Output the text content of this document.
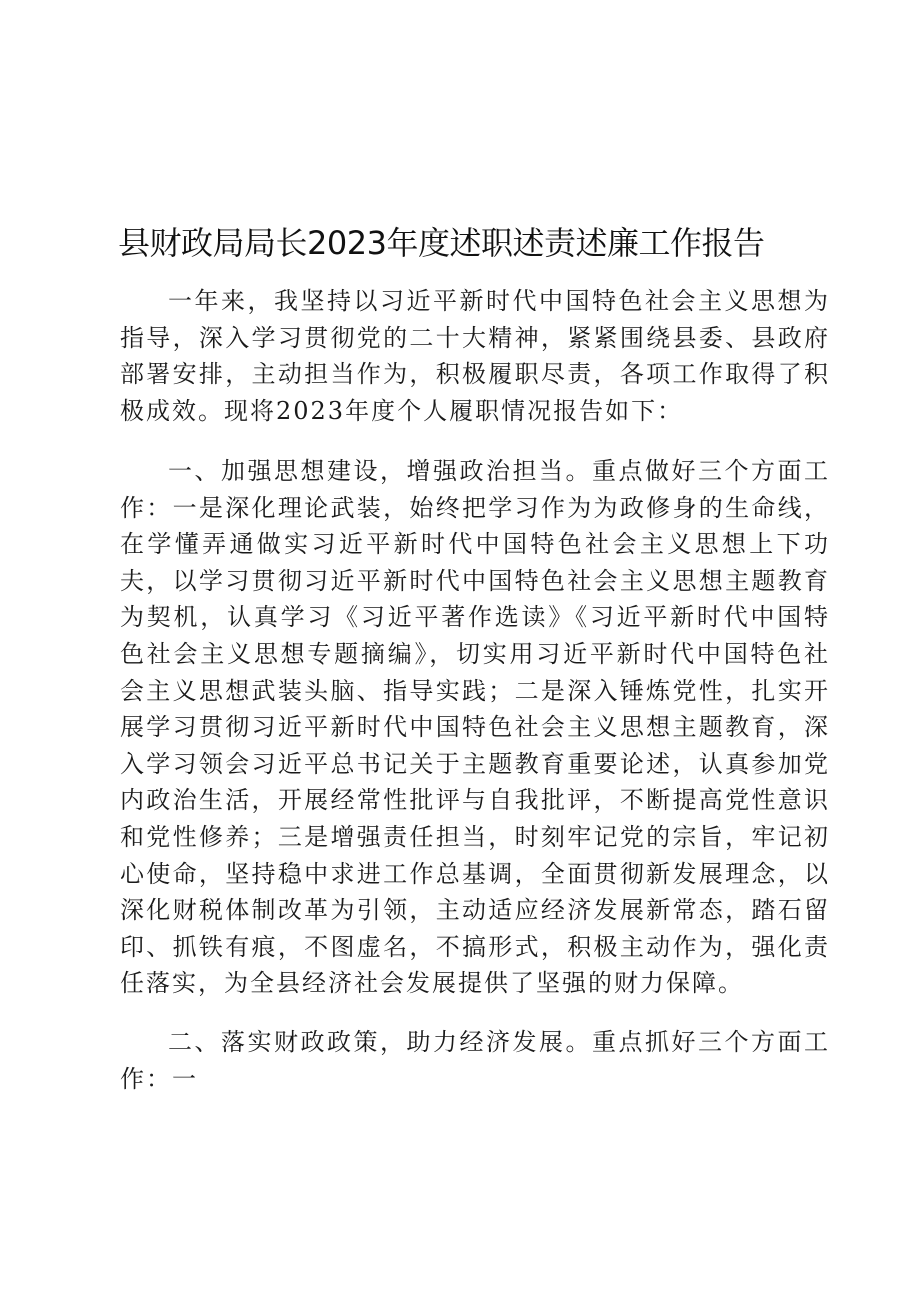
县财政局局长2023年度述职述责述廉工作报告

一年来，我坚持以习近平新时代中国特色社会主义思想为指导，深入学习贯彻党的二十大精神，紧紧围绕县委、县政府部署安排，主动担当作为，积极履职尽责，各项工作取得了积极成效。现将2023年度个人履职情况报告如下：

一、加强思想建设，增强政治担当。重点做好三个方面工作：一是深化理论武装，始终把学习作为为政修身的生命线，在学懂弄通做实习近平新时代中国特色社会主义思想上下功夫，以学习贯彻习近平新时代中国特色社会主义思想主题教育为契机，认真学习《习近平著作选读》《习近平新时代中国特色社会主义思想专题摘编》，切实用习近平新时代中国特色社会主义思想武装头脑、指导实践；二是深入锤炼党性，扎实开展学习贯彻习近平新时代中国特色社会主义思想主题教育，深入学习领会习近平总书记关于主题教育重要论述，认真参加党内政治生活，开展经常性批评与自我批评，不断提高党性意识和党性修养；三是增强责任担当，时刻牢记党的宗旨，牢记初心使命，坚持稳中求进工作总基调，全面贯彻新发展理念，以深化财税体制改革为引领，主动适应经济发展新常态，踏石留印、抓铁有痕，不图虚名，不搞形式，积极主动作为，强化责任落实，为全县经济社会发展提供了坚强的财力保障。

二、落实财政政策，助力经济发展。重点抓好三个方面工作：一
